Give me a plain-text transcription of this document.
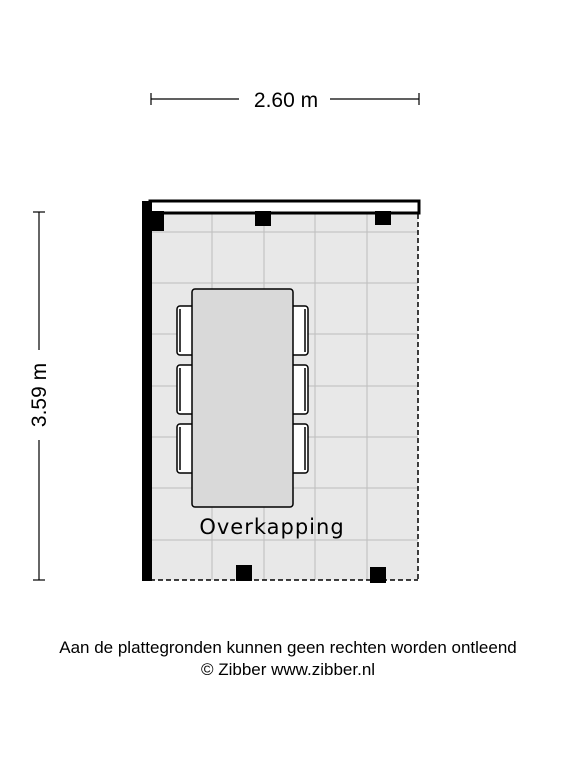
2.60 m
3.59 m
Overkapping
Aan de plattegronden kunnen geen rechten worden ontleend
© Zibber www.zibber.nl
